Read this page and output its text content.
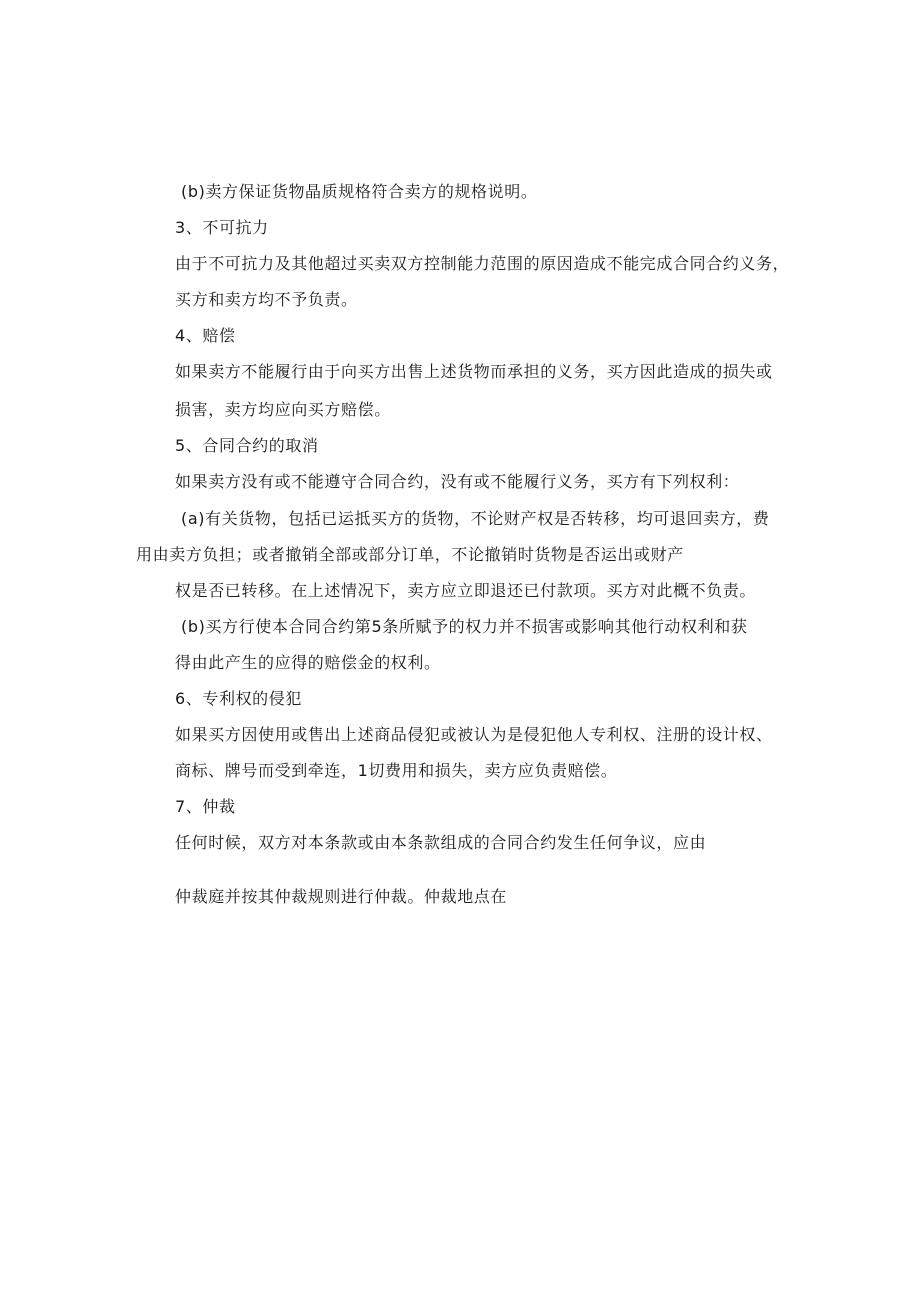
(b)卖方保证货物晶质规格符合卖方的规格说明。
3、不可抗力
由于不可抗力及其他超过买卖双方控制能力范围的原因造成不能完成合同合约义务，
买方和卖方均不予负责。
4、赔偿
如果卖方不能履行由于向买方出售上述货物而承担的义务，买方因此造成的损失或
损害，卖方均应向买方赔偿。
5、合同合约的取消
如果卖方没有或不能遵守合同合约，没有或不能履行义务，买方有下列权利：
(a)有关货物，包括已运抵买方的货物，不论财产权是否转移，均可退回卖方，费
用由卖方负担；或者撤销全部或部分订单，不论撤销时货物是否运出或财产
权是否已转移。在上述情况下，卖方应立即退还已付款项。买方对此概不负责。
(b)买方行使本合同合约第5条所赋予的权力并不损害或影响其他行动权利和获
得由此产生的应得的赔偿金的权利。
6、专利权的侵犯
如果买方因使用或售出上述商品侵犯或被认为是侵犯他人专利权、注册的设计权、
商标、牌号而受到牵连，1切费用和损失，卖方应负责赔偿。
7、仲裁
任何时候，双方对本条款或由本条款组成的合同合约发生任何争议，应由
仲裁庭并按其仲裁规则进行仲裁。仲裁地点在
